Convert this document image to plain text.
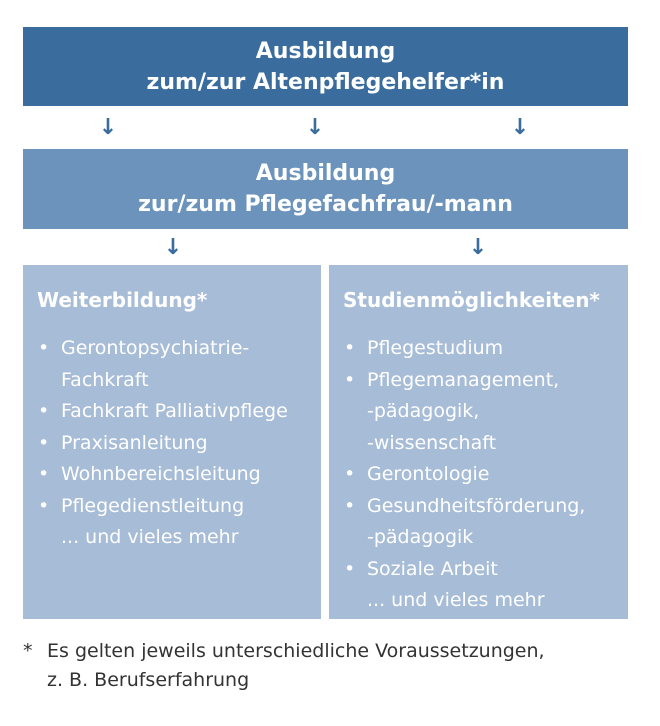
Ausbildung
zum/zur Altenpflegehelfer*in
↓	↓	↓
Ausbildung
zur/zum Pflegefachfrau/-mann
↓	↓
Weiterbildung*
• Gerontopsychiatrie-
Fachkraft
• Fachkraft Palliativpflege
• Praxisanleitung
• Wohnbereichsleitung
• Pflegedienstleitung
... und vieles mehr
Studienmöglichkeiten*
• Pflegestudium
• Pflegemanagement,
-pädagogik,
-wissenschaft
• Gerontologie
• Gesundheitsförderung,
-pädagogik
• Soziale Arbeit
... und vieles mehr
* Es gelten jeweils unterschiedliche Voraussetzungen,
z. B. Berufserfahrung
